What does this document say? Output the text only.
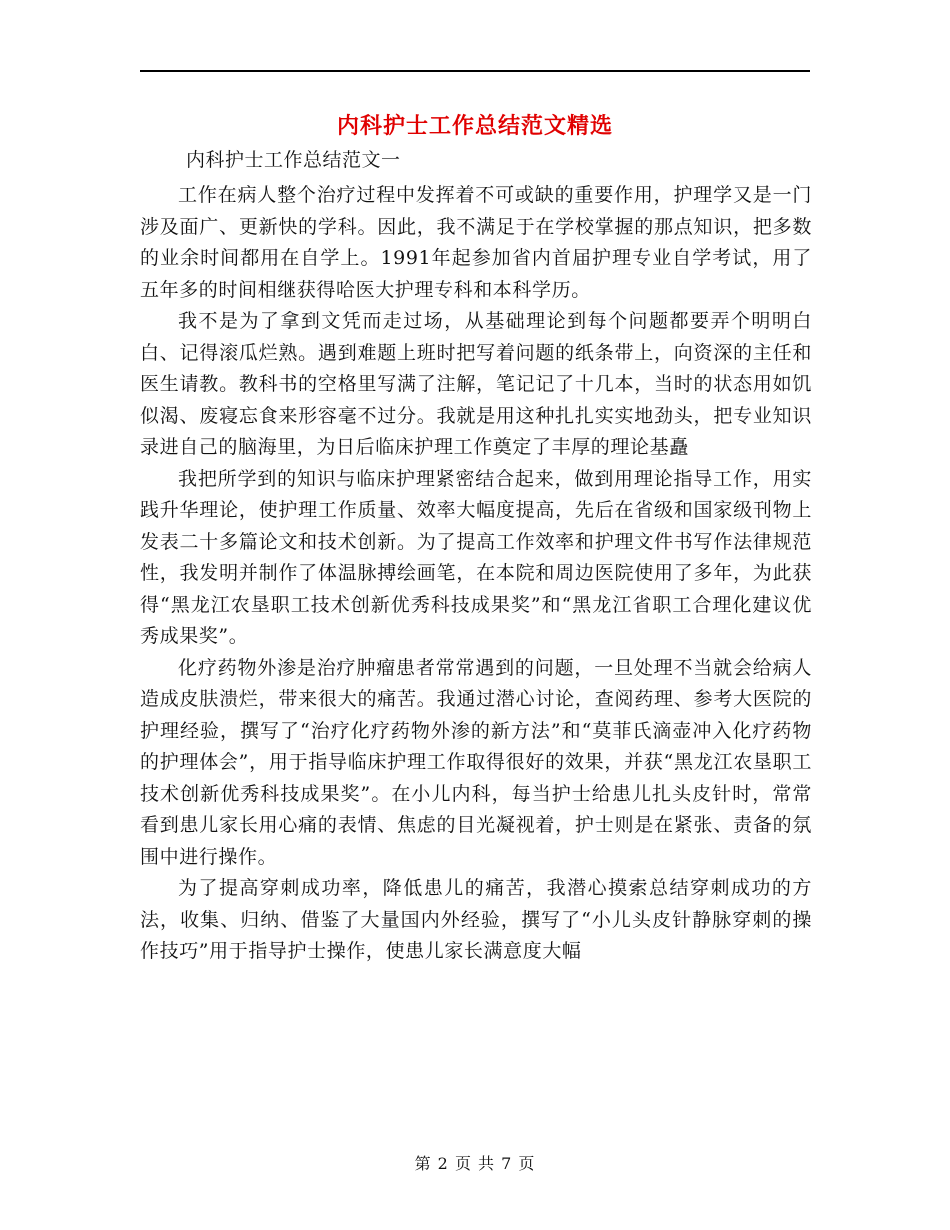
内科护士工作总结范文精选

内科护士工作总结范文一

工作在病人整个治疗过程中发挥着不可或缺的重要作用，护理学又是一门涉及面广、更新快的学科。因此，我不满足于在学校掌握的那点知识，把多数的业余时间都用在自学上。1991年起参加省内首届护理专业自学考试，用了五年多的时间相继获得哈医大护理专科和本科学历。

我不是为了拿到文凭而走过场，从基础理论到每个问题都要弄个明明白白、记得滚瓜烂熟。遇到难题上班时把写着问题的纸条带上，向资深的主任和医生请教。教科书的空格里写满了注解，笔记记了十几本，当时的状态用如饥似渴、废寝忘食来形容毫不过分。我就是用这种扎扎实实地劲头，把专业知识录进自己的脑海里，为日后临床护理工作奠定了丰厚的理论基矗

我把所学到的知识与临床护理紧密结合起来，做到用理论指导工作，用实践升华理论，使护理工作质量、效率大幅度提高，先后在省级和国家级刊物上发表二十多篇论文和技术创新。为了提高工作效率和护理文件书写作法律规范性，我发明并制作了体温脉搏绘画笔，在本院和周边医院使用了多年，为此获得“黑龙江农垦职工技术创新优秀科技成果奖”和“黑龙江省职工合理化建议优秀成果奖”。

化疗药物外渗是治疗肿瘤患者常常遇到的问题，一旦处理不当就会给病人造成皮肤溃烂，带来很大的痛苦。我通过潜心讨论，查阅药理、参考大医院的护理经验，撰写了“治疗化疗药物外渗的新方法”和“莫菲氏滴壶冲入化疗药物的护理体会”，用于指导临床护理工作取得很好的效果，并获“黑龙江农垦职工技术创新优秀科技成果奖”。在小儿内科，每当护士给患儿扎头皮针时，常常看到患儿家长用心痛的表情、焦虑的目光凝视着，护士则是在紧张、责备的氛围中进行操作。

为了提高穿刺成功率，降低患儿的痛苦，我潜心摸索总结穿刺成功的方法，收集、归纳、借鉴了大量国内外经验，撰写了“小儿头皮针静脉穿刺的操作技巧”用于指导护士操作，使患儿家长满意度大幅

第 2 页 共 7 页
